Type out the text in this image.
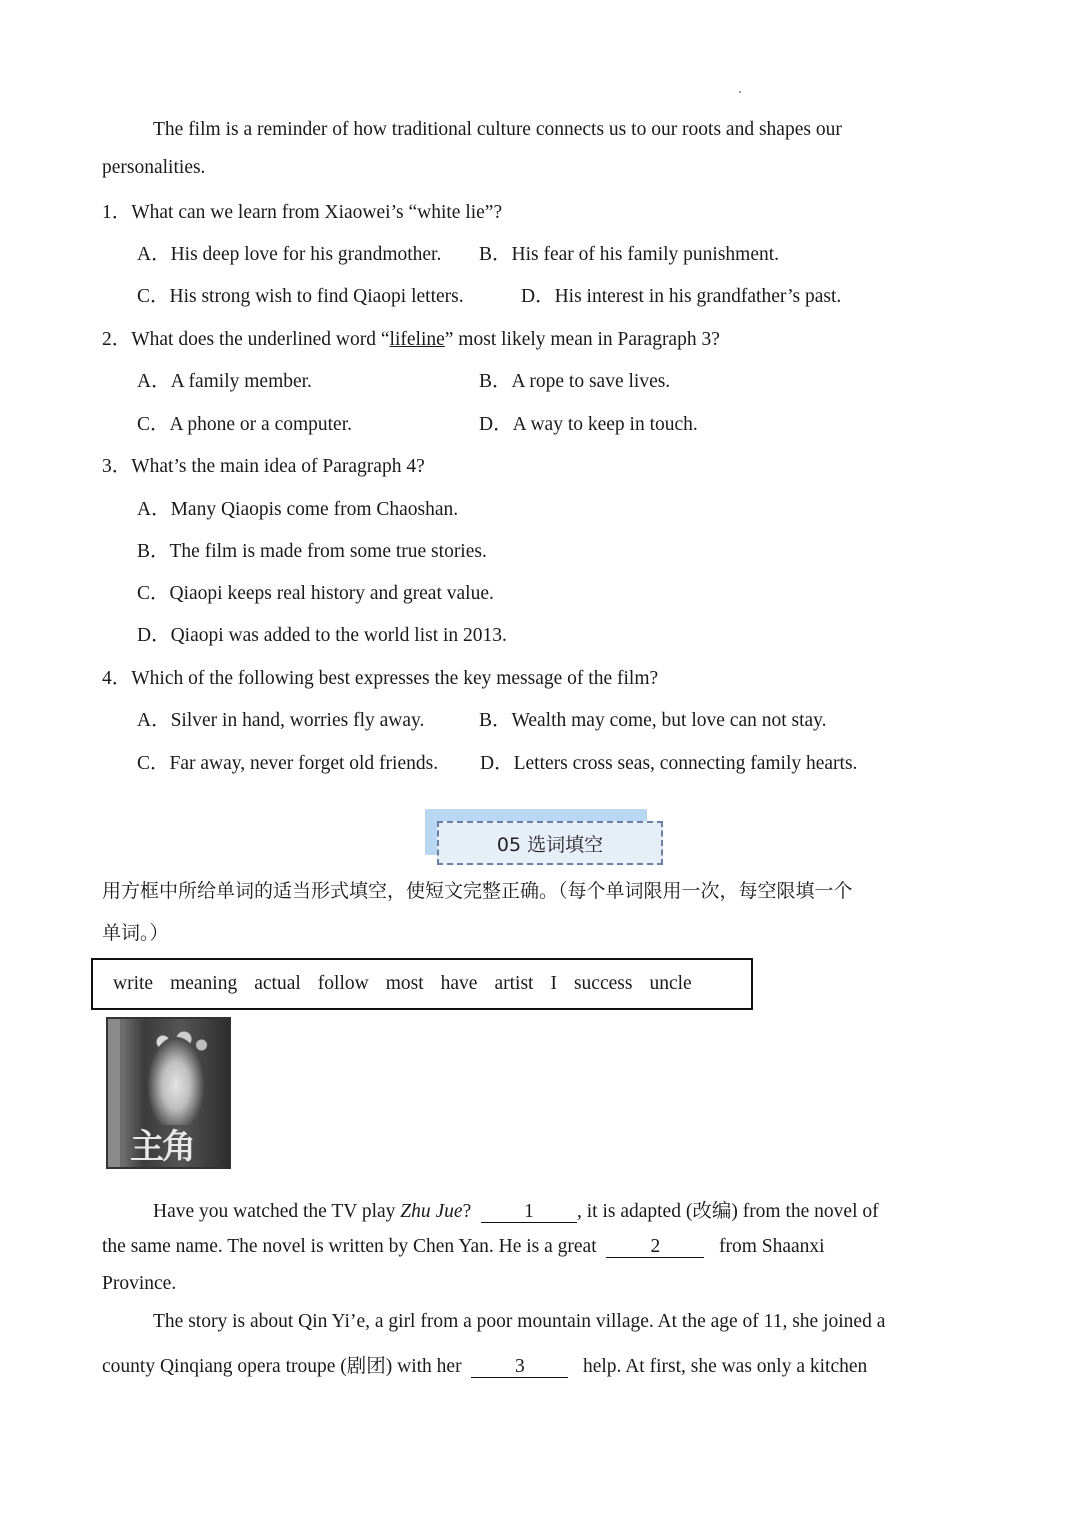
The film is a reminder of how traditional culture connects us to our roots and shapes our
personalities.
1．What can we learn from Xiaowei’s “white lie”?
A．His deep love for his grandmother. B．His fear of his family punishment.
C．His strong wish to find Qiaopi letters.	D．His interest in his grandfather’s past.
2．What does the underlined word “lifeline” most likely mean in Paragraph 3?
A．A family member.	B．A rope to save lives.
C．A phone or a computer.	D．A way to keep in touch.
3．What’s the main idea of Paragraph 4?
A．Many Qiaopis come from Chaoshan.
B．The film is made from some true stories.
C．Qiaopi keeps real history and great value.
D．Qiaopi was added to the world list in 2013.
4．Which of the following best expresses the key message of the film?
A．Silver in hand, worries fly away.	B．Wealth may come, but love can not stay.
C．Far away, never forget old friends. D．Letters cross seas, connecting family hearts.
05 选词填空
用方框中所给单词的适当形式填空，使短文完整正确。（每个单词限用一次，每空限填一个
单词。）
write meaning actual follow most have artist I success uncle
主角
Have you watched the TV play Zhu Jue?	1 , it is adapted (改编) from the novel of
the same name. The novel is written by Chen Yan. He is a great	2	from Shaanxi
Province.
The story is about Qin Yi’e, a girl from a poor mountain village. At the age of 11, she joined a
county Qinqiang opera troupe (剧团) with her	3	help. At first, she was only a kitchen
